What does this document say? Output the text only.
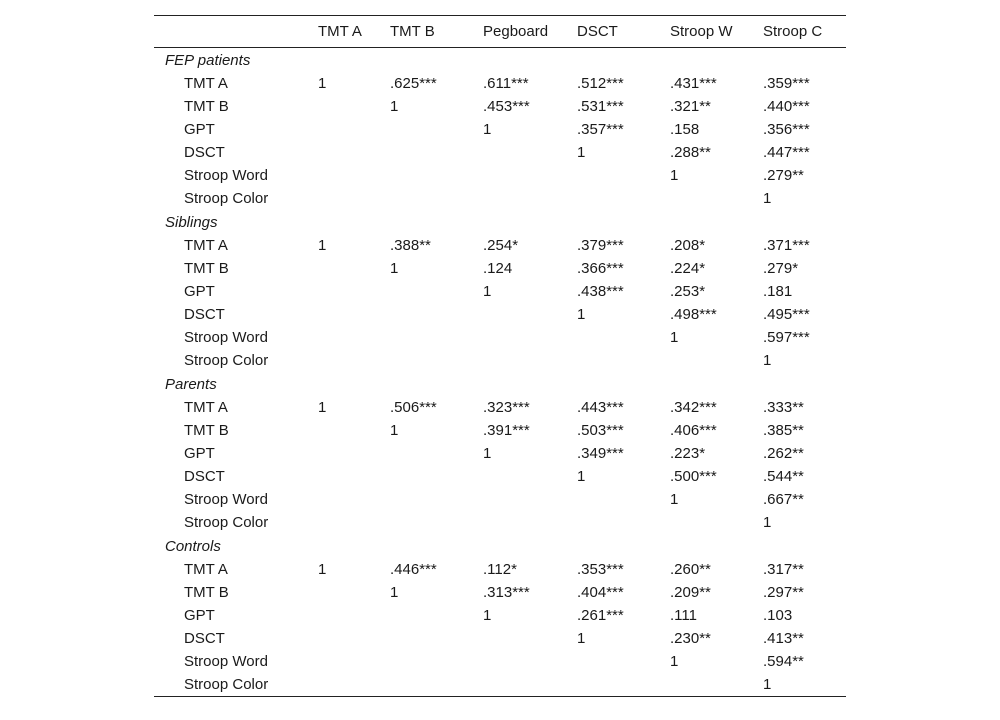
	TMT A	TMT B	Pegboard	DSCT	Stroop W	Stroop C
FEP patients						
TMT A	1	.625***	.611***	.512***	.431***	.359***
TMT B		1	.453***	.531***	.321**	.440***
GPT			1	.357***	.158	.356***
DSCT				1	.288**	.447***
Stroop Word					1	.279**
Stroop Color						1
Siblings						
TMT A	1	.388**	.254*	.379***	.208*	.371***
TMT B		1	.124	.366***	.224*	.279*
GPT			1	.438***	.253*	.181
DSCT				1	.498***	.495***
Stroop Word					1	.597***
Stroop Color						1
Parents						
TMT A	1	.506***	.323***	.443***	.342***	.333**
TMT B		1	.391***	.503***	.406***	.385**
GPT			1	.349***	.223*	.262**
DSCT				1	.500***	.544**
Stroop Word					1	.667**
Stroop Color						1
Controls						
TMT A	1	.446***	.112*	.353***	.260**	.317**
TMT B		1	.313***	.404***	.209**	.297**
GPT			1	.261***	.111	.103
DSCT				1	.230**	.413**
Stroop Word					1	.594**
Stroop Color						1
